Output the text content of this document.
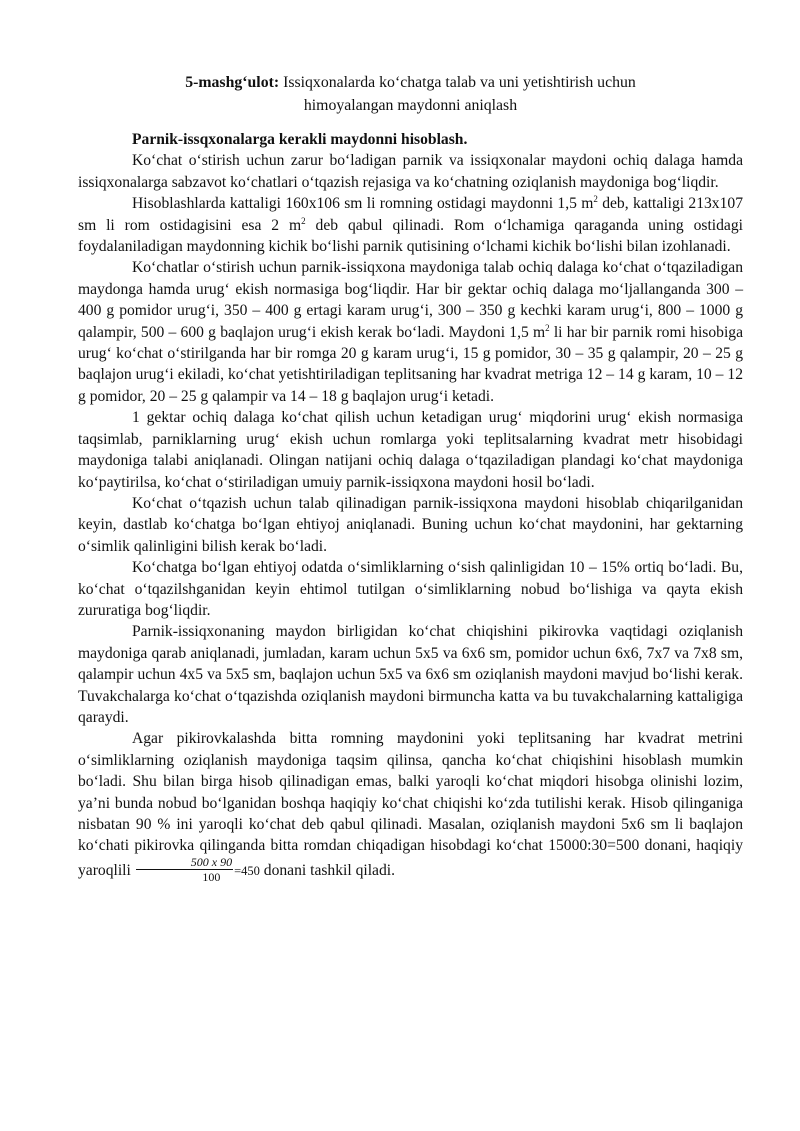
5-mashg‘ulot: Issiqxonalarda ko‘chatga talab va uni yetishtirish uchun
himoyalangan maydonni aniqlash

Parnik-issqxonalarga kerakli maydonni hisoblash.

Ko‘chat o‘stirish uchun zarur bo‘ladigan parnik va issiqxonalar maydoni ochiq dalaga hamda issiqxonalarga sabzavot ko‘chatlari o‘tqazish rejasiga va ko‘chatning oziqlanish maydoniga bog‘liqdir.

Hisoblashlarda kattaligi 160x106 sm li romning ostidagi maydonni 1,5 $m^2$ deb, kattaligi 213x107 sm li rom ostidagisini esa 2 $m^2$ deb qabul qilinadi. Rom o‘lchamiga qaraganda uning ostidagi foydalaniladigan maydonning kichik bo‘lishi parnik qutisining o‘lchami kichik bo‘lishi bilan izohlanadi.

Ko‘chatlar o‘stirish uchun parnik-issiqxona maydoniga talab ochiq dalaga ko‘chat o‘tqaziladigan maydonga hamda urug‘ ekish normasiga bog‘liqdir. Har bir gektar ochiq dalaga mo‘ljallanganda 300 – 400 g pomidor urug‘i, 350 – 400 g ertagi karam urug‘i, 300 – 350 g kechki karam urug‘i, 800 – 1000 g qalampir, 500 – 600 g baqlajon urug‘i ekish kerak bo‘ladi. Maydoni 1,5 $m^2$ li har bir parnik romi hisobiga urug‘ ko‘chat o‘stirilganda har bir romga 20 g karam urug‘i, 15 g pomidor, 30 – 35 g qalampir, 20 – 25 g baqlajon urug‘i ekiladi, ko‘chat yetishtiriladigan teplitsaning har kvadrat metriga 12 – 14 g karam, 10 – 12 g pomidor, 20 – 25 g qalampir va 14 – 18 g baqlajon urug‘i ketadi.

1 gektar ochiq dalaga ko‘chat qilish uchun ketadigan urug‘ miqdorini urug‘ ekish normasiga taqsimlab, parniklarning urug‘ ekish uchun romlarga yoki teplitsalarning kvadrat metr hisobidagi maydoniga talabi aniqlanadi. Olingan natijani ochiq dalaga o‘tqaziladigan plandagi ko‘chat maydoniga ko‘paytirilsa, ko‘chat o‘stiriladigan umuiy parnik-issiqxona maydoni hosil bo‘ladi.

Ko‘chat o‘tqazish uchun talab qilinadigan parnik-issiqxona maydoni hisoblab chiqarilganidan keyin, dastlab ko‘chatga bo‘lgan ehtiyoj aniqlanadi. Buning uchun ko‘chat maydonini, har gektarning o‘simlik qalinligini bilish kerak bo‘ladi.

Ko‘chatga bo‘lgan ehtiyoj odatda o‘simliklarning o‘sish qalinligidan 10 – 15% ortiq bo‘ladi. Bu, ko‘chat o‘tqazilshganidan keyin ehtimol tutilgan o‘simliklarning nobud bo‘lishiga va qayta ekish zururatiga bog‘liqdir.

Parnik-issiqxonaning maydon birligidan ko‘chat chiqishini pikirovka vaqtidagi oziqlanish maydoniga qarab aniqlanadi, jumladan, karam uchun 5x5 va 6x6 sm, pomidor uchun 6x6, 7x7 va 7x8 sm, qalampir uchun 4x5 va 5x5 sm, baqlajon uchun 5x5 va 6x6 sm oziqlanish maydoni mavjud bo‘lishi kerak. Tuvakchalarga ko‘chat o‘tqazishda oziqlanish maydoni birmuncha katta va bu tuvakchalarning kattaligiga qaraydi.

Agar pikirovkalashda bitta romning maydonini yoki teplitsaning har kvadrat metrini o‘simliklarning oziqlanish maydoniga taqsim qilinsa, qancha ko‘chat chiqishini hisoblash mumkin bo‘ladi. Shu bilan birga hisob qilinadigan emas, balki yaroqli ko‘chat miqdori hisobga olinishi lozim, ya’ni bunda nobud bo‘lganidan boshqa haqiqiy ko‘chat chiqishi ko‘zda tutilishi kerak. Hisob qilinganiga nisbatan 90 % ini yaroqli ko‘chat deb qabul qilinadi. Masalan, oziqlanish maydoni 5x6 sm li baqlajon ko‘chati pikirovka qilinganda bitta romdan chiqadigan hisobdagi ko‘chat 15000:30=500 donani, haqiqiy yaroqlili $\frac{500 x 90}{100} =450$ donani tashkil qiladi.
